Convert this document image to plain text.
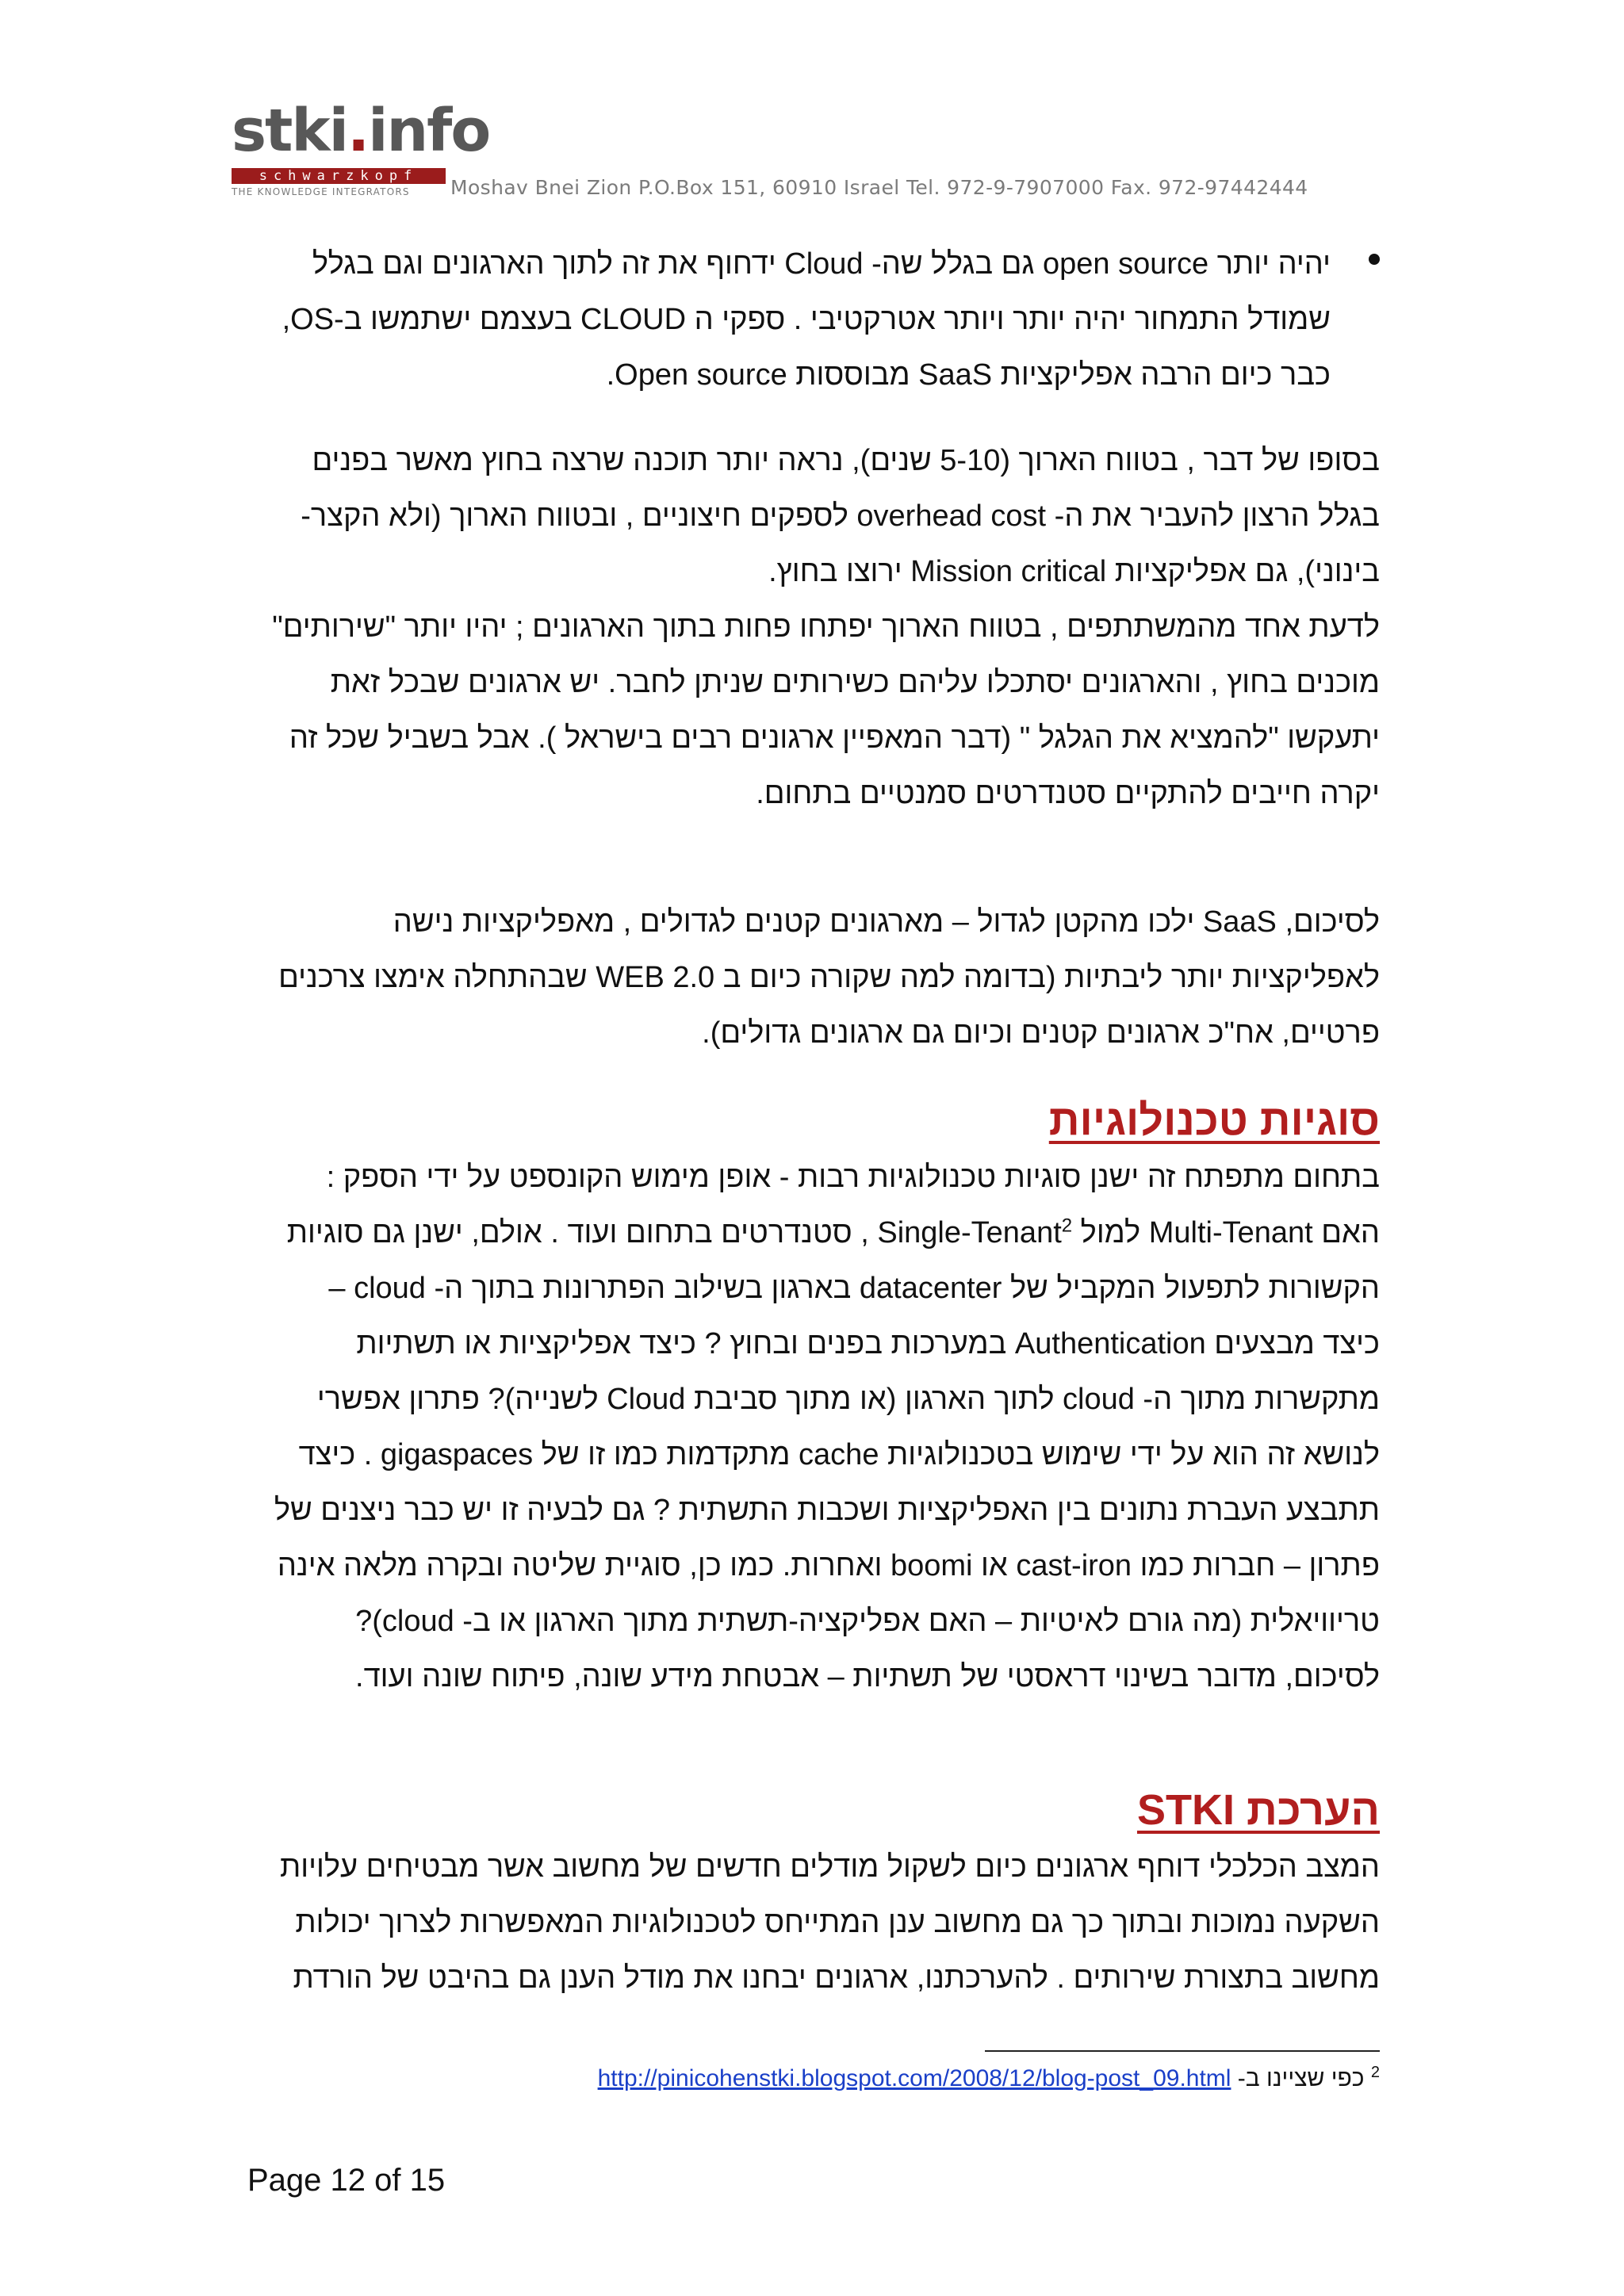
stki.info
schwarzkopf
THE KNOWLEDGE INTEGRATORS	Moshav Bnei Zion P.O.Box 151, 60910 Israel Tel. 972-9-7907000 Fax. 972-97442444
יהיה יותר open source גם בגלל שה- Cloud ידחוף את זה לתוך הארגונים וגם בגלל
שמודל התמחור יהיה יותר ויותר אטרקטיבי . ספקי ה CLOUD בעצמם ישתמשו ב-OS,
כבר כיום הרבה אפליקציות SaaS מבוססות Open source.
בסופו של דבר , בטווח הארוך (5-10 שנים), נראה יותר תוכנה שרצה בחוץ מאשר בפנים
בגלל הרצון להעביר את ה- overhead cost לספקים חיצוניים , ובטווח הארוך (ולא הקצר-
בינוני), גם אפליקציות Mission critical ירוצו בחוץ.
לדעת אחד מהמשתתפים , בטווח הארוך יפתחו פחות בתוך הארגונים ; יהיו יותר "שירותים"
מוכנים בחוץ , והארגונים יסתכלו עליהם כשירותים שניתן לחבר. יש ארגונים שבכל זאת
יתעקשו "להמציא את הגלגל " (דבר המאפיין ארגונים רבים בישראל ). אבל בשביל שכל זה
יקרה חייבים להתקיים סטנדרטים סמנטיים בתחום.
לסיכום, SaaS ילכו מהקטן לגדול – מארגונים קטנים לגדולים , מאפליקציות נישה
לאפליקציות יותר ליבתיות (בדומה למה שקורה כיום ב WEB 2.0 שבהתחלה אימצו צרכנים
פרטיים, אח"כ ארגונים קטנים וכיום גם ארגונים גדולים).
סוגיות טכנולוגיות
בתחום מתפתח זה ישנן סוגיות טכנולוגיות רבות - אופן מימוש הקונספט על ידי הספק :
האם Multi-Tenant למול Single-Tenant$^2$ , סטנדרטים בתחום ועוד . אולם, ישנן גם סוגיות
הקשורות לתפעול המקביל של datacenter בארגון בשילוב הפתרונות בתוך ה- cloud –
כיצד מבצעים Authentication במערכות בפנים ובחוץ ? כיצד אפליקציות או תשתיות
מתקשרות מתוך ה- cloud לתוך הארגון (או מתוך סביבת Cloud לשנייה)? פתרון אפשרי
לנושא זה הוא על ידי שימוש בטכנולוגיות cache מתקדמות כמו זו של gigaspaces . כיצד
תתבצע העברת נתונים בין האפליקציות ושכבות התשתית ? גם לבעיה זו יש כבר ניצנים של
פתרון – חברות כמו cast-iron או boomi ואחרות. כמו כן, סוגיית שליטה ובקרה מלאה אינה
טריוויאלית (מה גורם לאיטיות – האם אפליקציה-תשתית מתוך הארגון או ב- cloud)?
לסיכום, מדובר בשינוי דראסטי של תשתיות – אבטחת מידע שונה, פיתוח שונה ועוד.
הערכת STKI
המצב הכלכלי דוחף ארגונים כיום לשקול מודלים חדשים של מחשוב אשר מבטיחים עלויות
השקעה נמוכות ובתוך כך גם מחשוב ענן המתייחס לטכנולוגיות המאפשרות לצרוך יכולות
מחשוב בתצורת שירותים . להערכתנו, ארגונים יבחנו את מודל הענן גם בהיבט של הורדת
$^2$ כפי שציינו ב- http://pinicohenstki.blogspot.com/2008/12/blog-post_09.html
Page 12 of 15
